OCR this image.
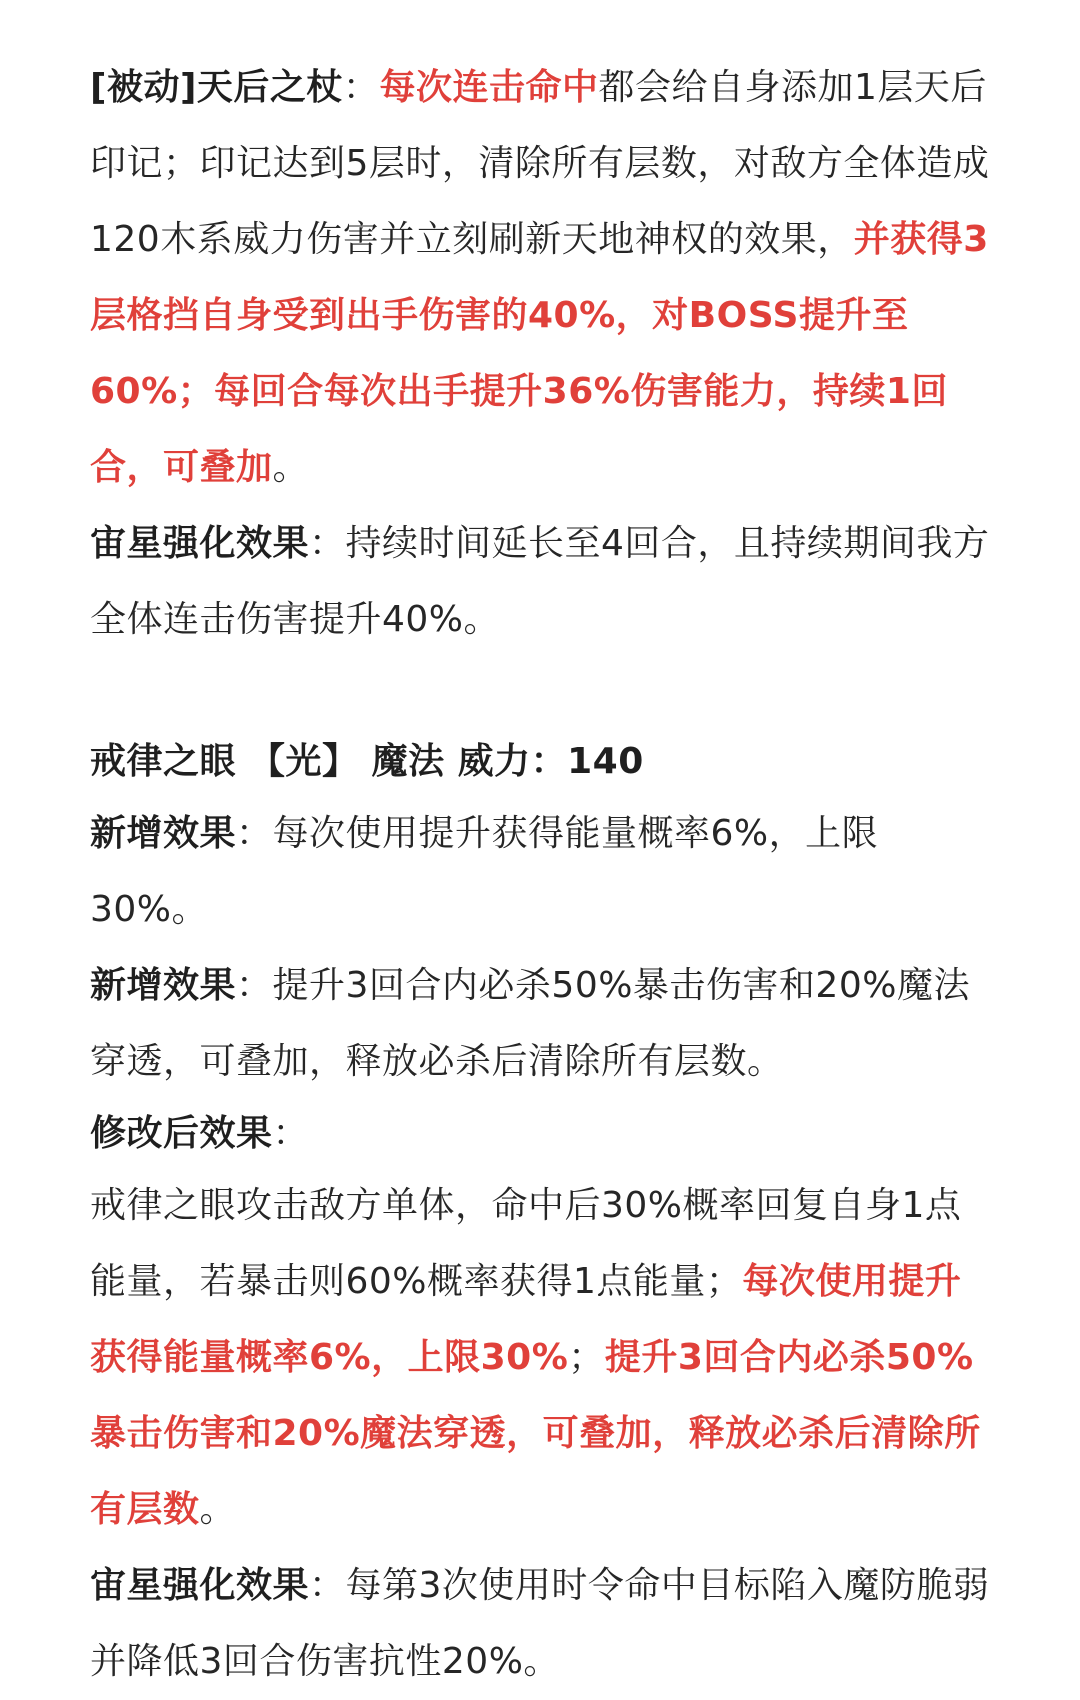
[被动]天后之杖：每次连击命中都会给自身添加1层天后印记；印记达到5层时，清除所有层数，对敌方全体造成120木系威力伤害并立刻刷新天地神权的效果，并获得3层格挡自身受到出手伤害的40%，对BOSS提升至60%；每回合每次出手提升36%伤害能力，持续1回合，可叠加。

宙星强化效果：持续时间延长至4回合，且持续期间我方全体连击伤害提升40%。

戒律之眼 【光】 魔法 威力：140

新增效果：每次使用提升获得能量概率6%，上限30%。

新增效果：提升3回合内必杀50%暴击伤害和20%魔法穿透，可叠加，释放必杀后清除所有层数。

修改后效果：

戒律之眼攻击敌方单体，命中后30%概率回复自身1点能量，若暴击则60%概率获得1点能量；每次使用提升获得能量概率6%，上限30%；提升3回合内必杀50%暴击伤害和20%魔法穿透，可叠加，释放必杀后清除所有层数。

宙星强化效果：每第3次使用时令命中目标陷入魔防脆弱并降低3回合伤害抗性20%。
